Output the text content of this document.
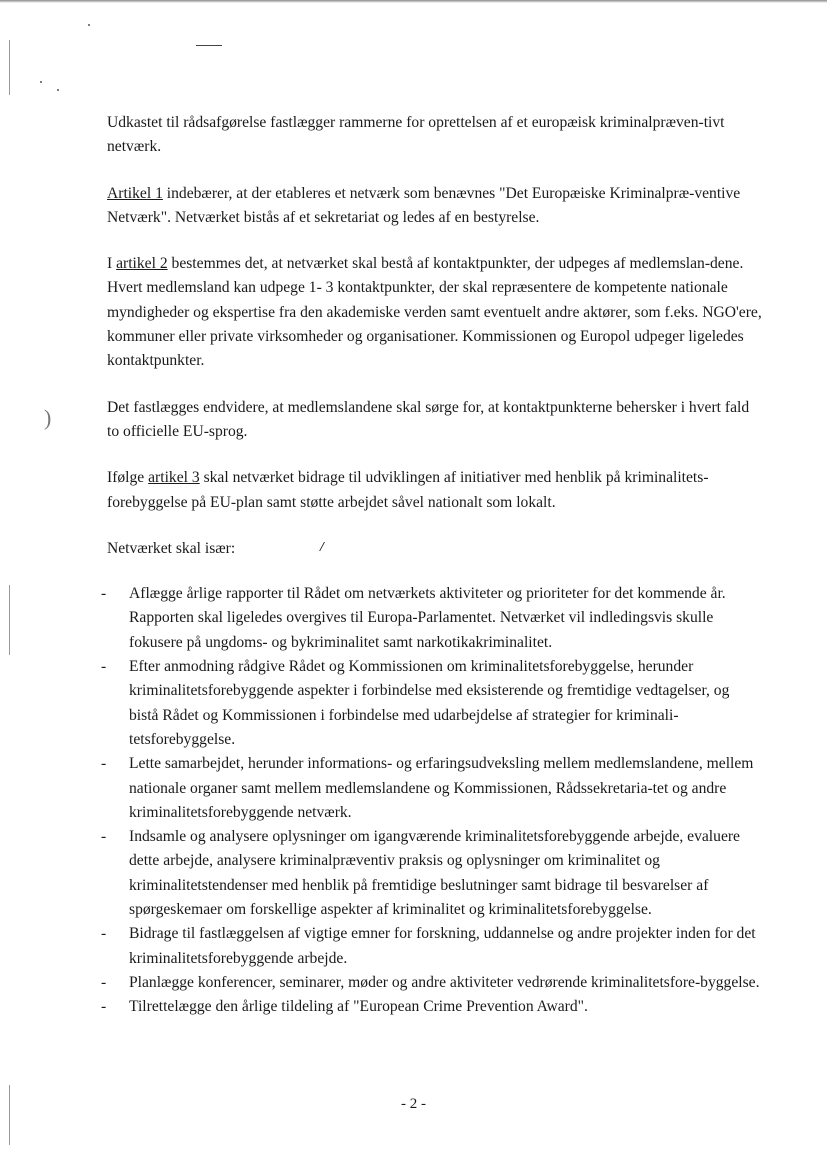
)
/

Udkastet til rådsafgørelse fastlægger rammerne for oprettelsen af et europæisk kriminalpræven-tivt netværk.

Artikel 1 indebærer, at der etableres et netværk som benævnes "Det Europæiske Kriminalpræ-ventive Netværk". Netværket bistås af et sekretariat og ledes af en bestyrelse.

I artikel 2 bestemmes det, at netværket skal bestå af kontaktpunkter, der udpeges af medlemslan-dene. Hvert medlemsland kan udpege 1- 3 kontaktpunkter, der skal repræsentere de kompetente nationale myndigheder og ekspertise fra den akademiske verden samt eventuelt andre aktører, som f.eks. NGO'ere, kommuner eller private virksomheder og organisationer. Kommissionen og Europol udpeger ligeledes kontaktpunkter.

Det fastlægges endvidere, at medlemslandene skal sørge for, at kontaktpunkterne behersker i hvert fald to officielle EU-sprog.

Ifølge artikel 3 skal netværket bidrage til udviklingen af initiativer med henblik på kriminalitets-forebyggelse på EU-plan samt støtte arbejdet såvel nationalt som lokalt.

Netværket skal især:

- Aflægge årlige rapporter til Rådet om netværkets aktiviteter og prioriteter for det kommende år. Rapporten skal ligeledes overgives til Europa-Parlamentet. Netværket vil indledingsvis skulle fokusere på ungdoms- og bykriminalitet samt narkotikakriminalitet.
- Efter anmodning rådgive Rådet og Kommissionen om kriminalitetsforebyggelse, herunder kriminalitetsforebyggende aspekter i forbindelse med eksisterende og fremtidige vedtagelser, og bistå Rådet og Kommissionen i forbindelse med udarbejdelse af strategier for kriminali-tetsforebyggelse.
- Lette samarbejdet, herunder informations- og erfaringsudveksling mellem medlemslandene, mellem nationale organer samt mellem medlemslandene og Kommissionen, Rådssekretaria-tet og andre kriminalitetsforebyggende netværk.
- Indsamle og analysere oplysninger om igangværende kriminalitetsforebyggende arbejde, evaluere dette arbejde, analysere kriminalpræventiv praksis og oplysninger om kriminalitet og kriminalitetstendenser med henblik på fremtidige beslutninger samt bidrage til besvarelser af spørgeskemaer om forskellige aspekter af kriminalitet og kriminalitetsforebyggelse.
- Bidrage til fastlæggelsen af vigtige emner for forskning, uddannelse og andre projekter inden for det kriminalitetsforebyggende arbejde.
- Planlægge konferencer, seminarer, møder og andre aktiviteter vedrørende kriminalitetsfore-byggelse.
- Tilrettelægge den årlige tildeling af "European Crime Prevention Award".
- 2 -
